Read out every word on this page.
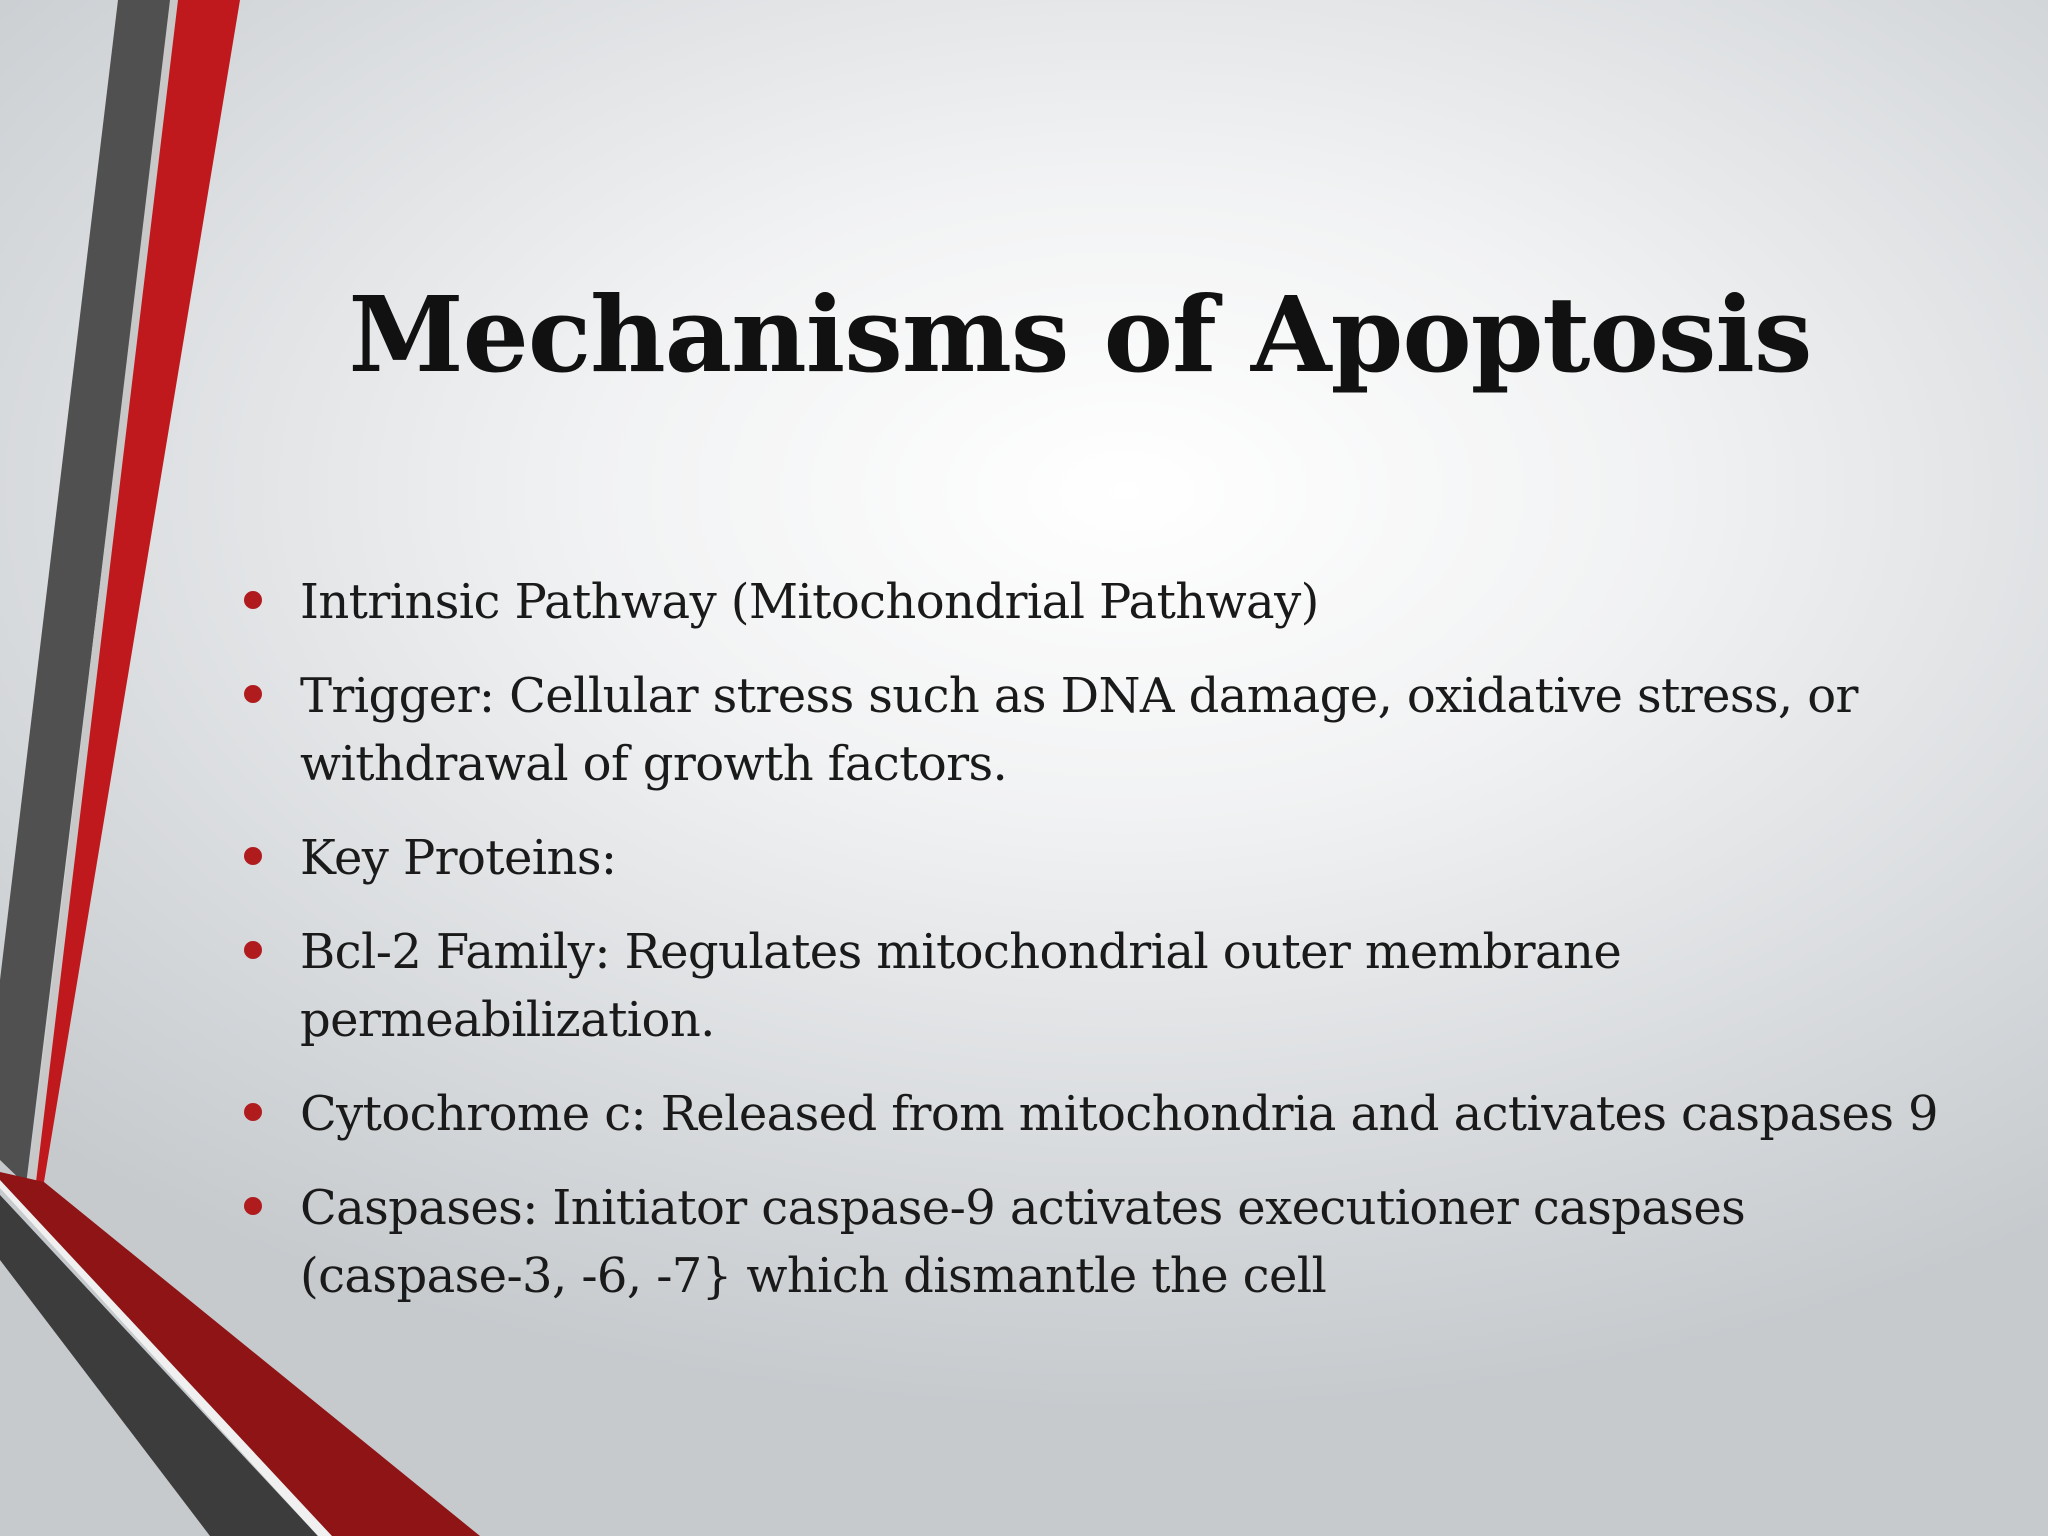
Mechanisms of Apoptosis
Intrinsic Pathway (Mitochondrial Pathway)
Trigger: Cellular stress such as DNA damage, oxidative stress, or withdrawal of growth factors.
Key Proteins:
Bcl-2 Family: Regulates mitochondrial outer membrane permeabilization.
Cytochrome c: Released from mitochondria and activates caspases 9
Caspases: Initiator caspase-9 activates executioner caspases (caspase-3, -6, -7} which dismantle the cell
